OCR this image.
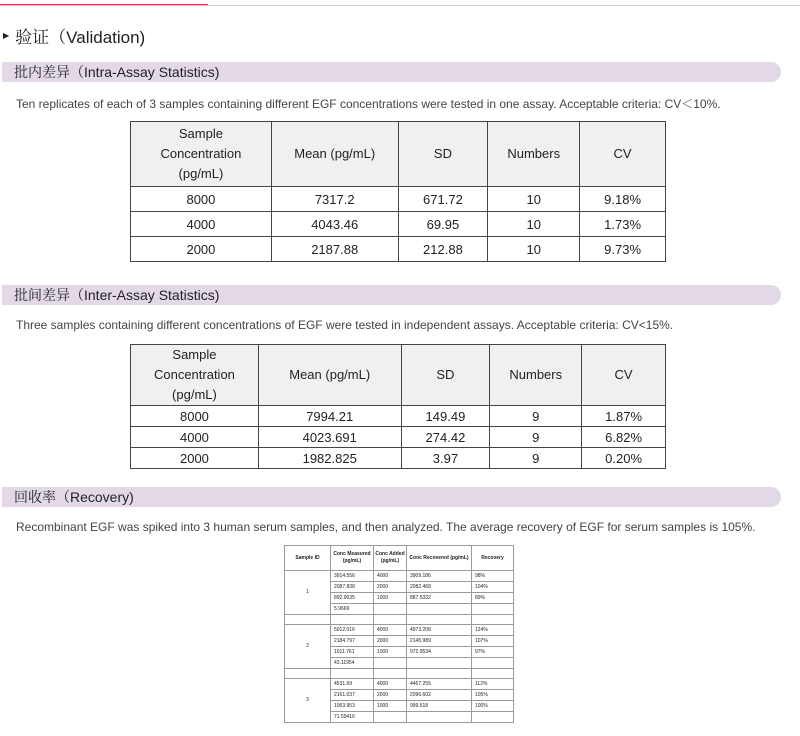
▶ 验证（Validation)
批内差异（Intra-Assay Statistics)
Ten replicates of each of 3 samples containing different EGF concentrations were tested in one assay. Acceptable criteria: CV＜10%.
Sample Concentration (pg/mL)	Mean (pg/mL)	SD	Numbers	CV
8000	7317.2	671.72	10	9.18%
4000	4043.46	69.95	10	1.73%
2000	2187.88	212.88	10	9.73%
批间差异（Inter-Assay Statistics)
Three samples containing different concentrations of EGF were tested in independent assays. Acceptable criteria: CV<15%.
Sample Concentration (pg/mL)	Mean (pg/mL)	SD	Numbers	CV
8000	7994.21	149.49	9	1.87%
4000	4023.691	274.42	9	6.82%
2000	1982.825	3.97	9	0.20%
回收率（Recovery)
Recombinant EGF was spiked into 3 human serum samples, and then analyzed. The average recovery of EGF for serum samples is 105%.
Sample ID	Conc Measured (pg/mL)	Conc Added (pg/mL)	Conc Recovered (pg/mL)	Recovery
1	3914.556	4000	3909.186	98%
	2087.838	2000	2082.468	104%
	892.9035	1000	887.5332	89%
	5.9669			

2	5012.016	4000	4973.208	124%
	2184.797	2000	2145.989	107%
	1011.761	1000	972.9534	97%
	43.11954			

3	4531.69	4000	4467.255	112%
	2161.037	2000	2096.602	105%
	1063.953	1000	999.518	100%
	71.59416			
